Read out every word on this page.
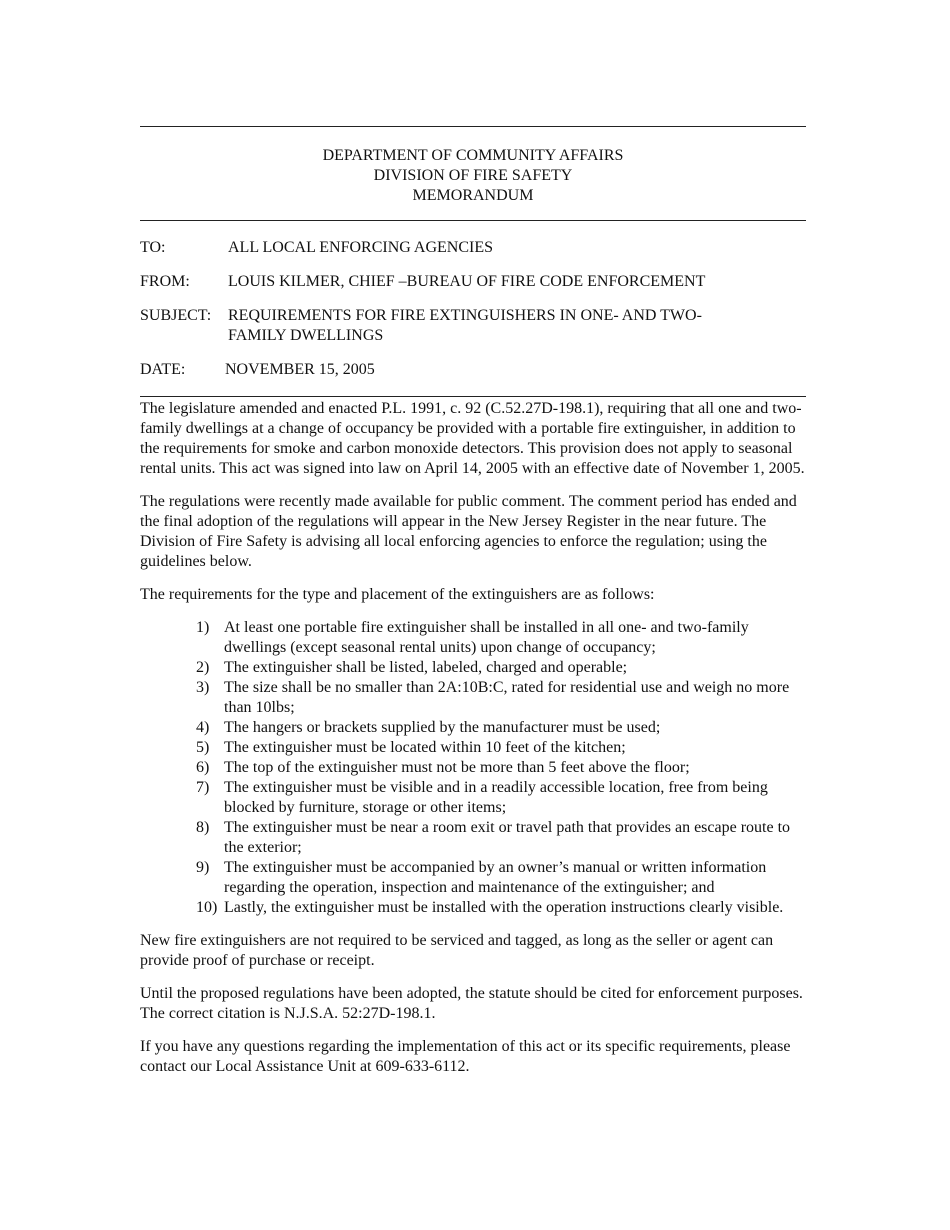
DEPARTMENT OF COMMUNITY AFFAIRS
DIVISION OF FIRE SAFETY
MEMORANDUM
TO:	ALL LOCAL ENFORCING AGENCIES
FROM: LOUIS KILMER, CHIEF –BUREAU OF FIRE CODE ENFORCEMENT
SUBJECT: REQUIREMENTS FOR FIRE EXTINGUISHERS IN ONE- AND TWO-
FAMILY DWELLINGS
DATE: NOVEMBER 15, 2005

The legislature amended and enacted P.L. 1991, c. 92 (C.52.27D-198.1), requiring that all one and two-family dwellings at a change of occupancy be provided with a portable fire extinguisher, in addition to the requirements for smoke and carbon monoxide detectors. This provision does not apply to seasonal rental units. This act was signed into law on April 14, 2005 with an effective date of November 1, 2005.

The regulations were recently made available for public comment. The comment period has ended and the final adoption of the regulations will appear in the New Jersey Register in the near future. The Division of Fire Safety is advising all local enforcing agencies to enforce the regulation; using the guidelines below.

The requirements for the type and placement of the extinguishers are as follows:

1) At least one portable fire extinguisher shall be installed in all one- and two-family dwellings (except seasonal rental units) upon change of occupancy;
2) The extinguisher shall be listed, labeled, charged and operable;
3) The size shall be no smaller than 2A:10B:C, rated for residential use and weigh no more than 10lbs;
4) The hangers or brackets supplied by the manufacturer must be used;
5) The extinguisher must be located within 10 feet of the kitchen;
6) The top of the extinguisher must not be more than 5 feet above the floor;
7) The extinguisher must be visible and in a readily accessible location, free from being blocked by furniture, storage or other items;
8) The extinguisher must be near a room exit or travel path that provides an escape route to the exterior;
9) The extinguisher must be accompanied by an owner’s manual or written information regarding the operation, inspection and maintenance of the extinguisher; and
10) Lastly, the extinguisher must be installed with the operation instructions clearly visible.

New fire extinguishers are not required to be serviced and tagged, as long as the seller or agent can provide proof of purchase or receipt.

Until the proposed regulations have been adopted, the statute should be cited for enforcement purposes. The correct citation is N.J.S.A. 52:27D-198.1.

If you have any questions regarding the implementation of this act or its specific requirements, please contact our Local Assistance Unit at 609-633-6112.
